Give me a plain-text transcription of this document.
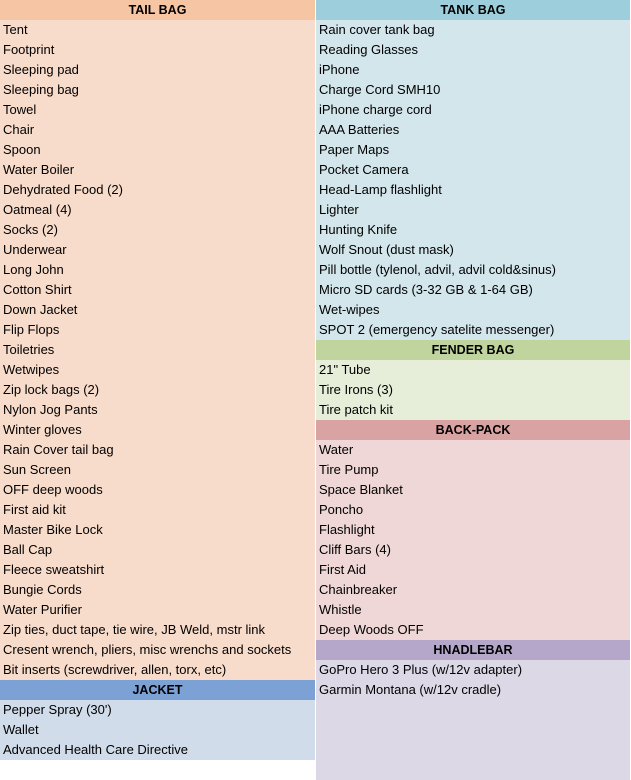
TAIL BAG
Tent
Footprint
Sleeping pad
Sleeping bag
Towel
Chair
Spoon
Water Boiler
Dehydrated Food (2)
Oatmeal (4)
Socks (2)
Underwear
Long John
Cotton Shirt
Down Jacket
Flip Flops
Toiletries
Wetwipes
Zip lock bags (2)
Nylon Jog Pants
Winter gloves
Rain Cover tail bag
Sun Screen
OFF deep woods
First aid kit
Master Bike Lock
Ball Cap
Fleece sweatshirt
Bungie Cords
Water Purifier
Zip ties, duct tape, tie wire, JB Weld, mstr link
Cresent wrench, pliers, misc wrenchs and sockets
Bit inserts (screwdriver, allen, torx, etc)
JACKET
Pepper Spray (30')
Wallet
Advanced Health Care Directive
TANK BAG
Rain cover tank bag
Reading Glasses
iPhone
Charge Cord SMH10
iPhone charge cord
AAA Batteries
Paper Maps
Pocket Camera
Head-Lamp flashlight
Lighter
Hunting Knife
Wolf Snout (dust mask)
Pill bottle (tylenol, advil, advil cold&sinus)
Micro SD cards (3-32 GB & 1-64 GB)
Wet-wipes
SPOT 2 (emergency satelite messenger)
FENDER BAG
21" Tube
Tire Irons (3)
Tire patch kit
BACK-PACK
Water
Tire Pump
Space Blanket
Poncho
Flashlight
Cliff Bars (4)
First Aid
Chainbreaker
Whistle
Deep Woods OFF
HNADLEBAR
GoPro Hero 3 Plus (w/12v adapter)
Garmin Montana (w/12v cradle)
